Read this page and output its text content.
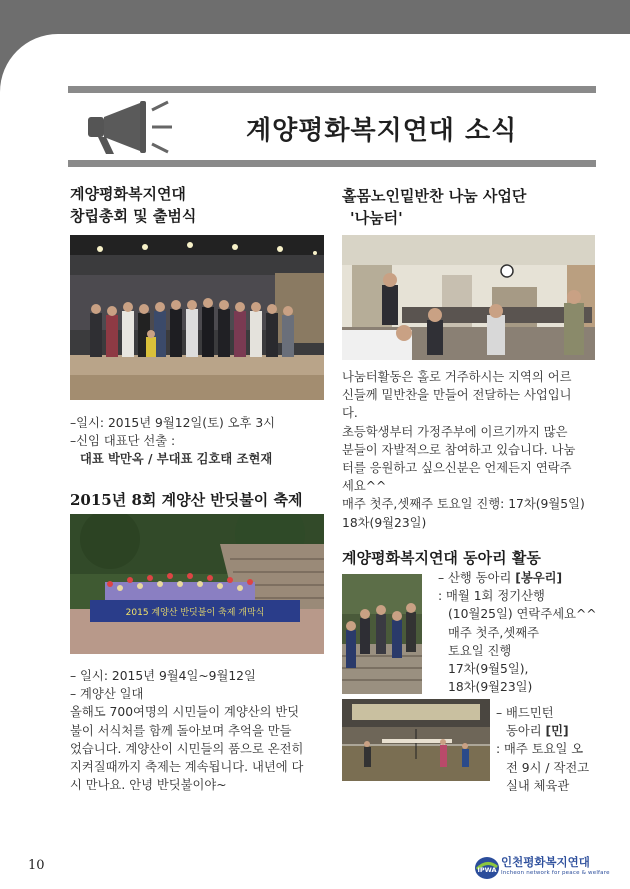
계양평화복지연대 소식
계양평화복지연대
창립총회 및 출범식

–일시: 2015년 9월12일(토) 오후 3시

–신임 대표단 선출 :

대표 박만옥 / 부대표 김호태 조현재

2015년 8회 계양산 반딧불이 축제
2015 계양산 반딧불이 축제 개막식

– 일시: 2015년 9월4일~9월12일

– 계양산 일대

올해도 700여명의 시민들이 계양산의 반딧

불이 서식처를 함께 돌아보며 추억을 만들

었습니다. 계양산이 시민들의 품으로 온전히

지켜질때까지 축제는 계속됩니다. 내년에 다

시 만나요. 안녕 반딧불이야~

홀몸노인밑반찬 나눔 사업단
'나눔터'

나눔터활동은 홀로 거주하시는 지역의 어르

신들께 밑반찬을 만들어 전달하는 사업입니

다.

초등학생부터 가정주부에 이르기까지 많은

분들이 자발적으로 참여하고 있습니다. 나눔

터를 응원하고 싶으신분은 언제든지 연락주

세요^^

매주 첫주,셋째주 토요일 진행: 17차(9월5일)

18차(9월23일)

계양평화복지연대 동아리 활동

– 산행 동아리 [봉우리]

: 매월 1회 정기산행

(10월25일) 연락주세요^^

매주 첫주,셋째주

토요일 진행

17차(9월5일),

18차(9월23일)

– 배드민턴

동아리 [민]

: 매주 토요일 오

전 9시 / 작전고

실내 체육관

10	IPWA
인천평화복지연대
Incheon network for peace & welfare
